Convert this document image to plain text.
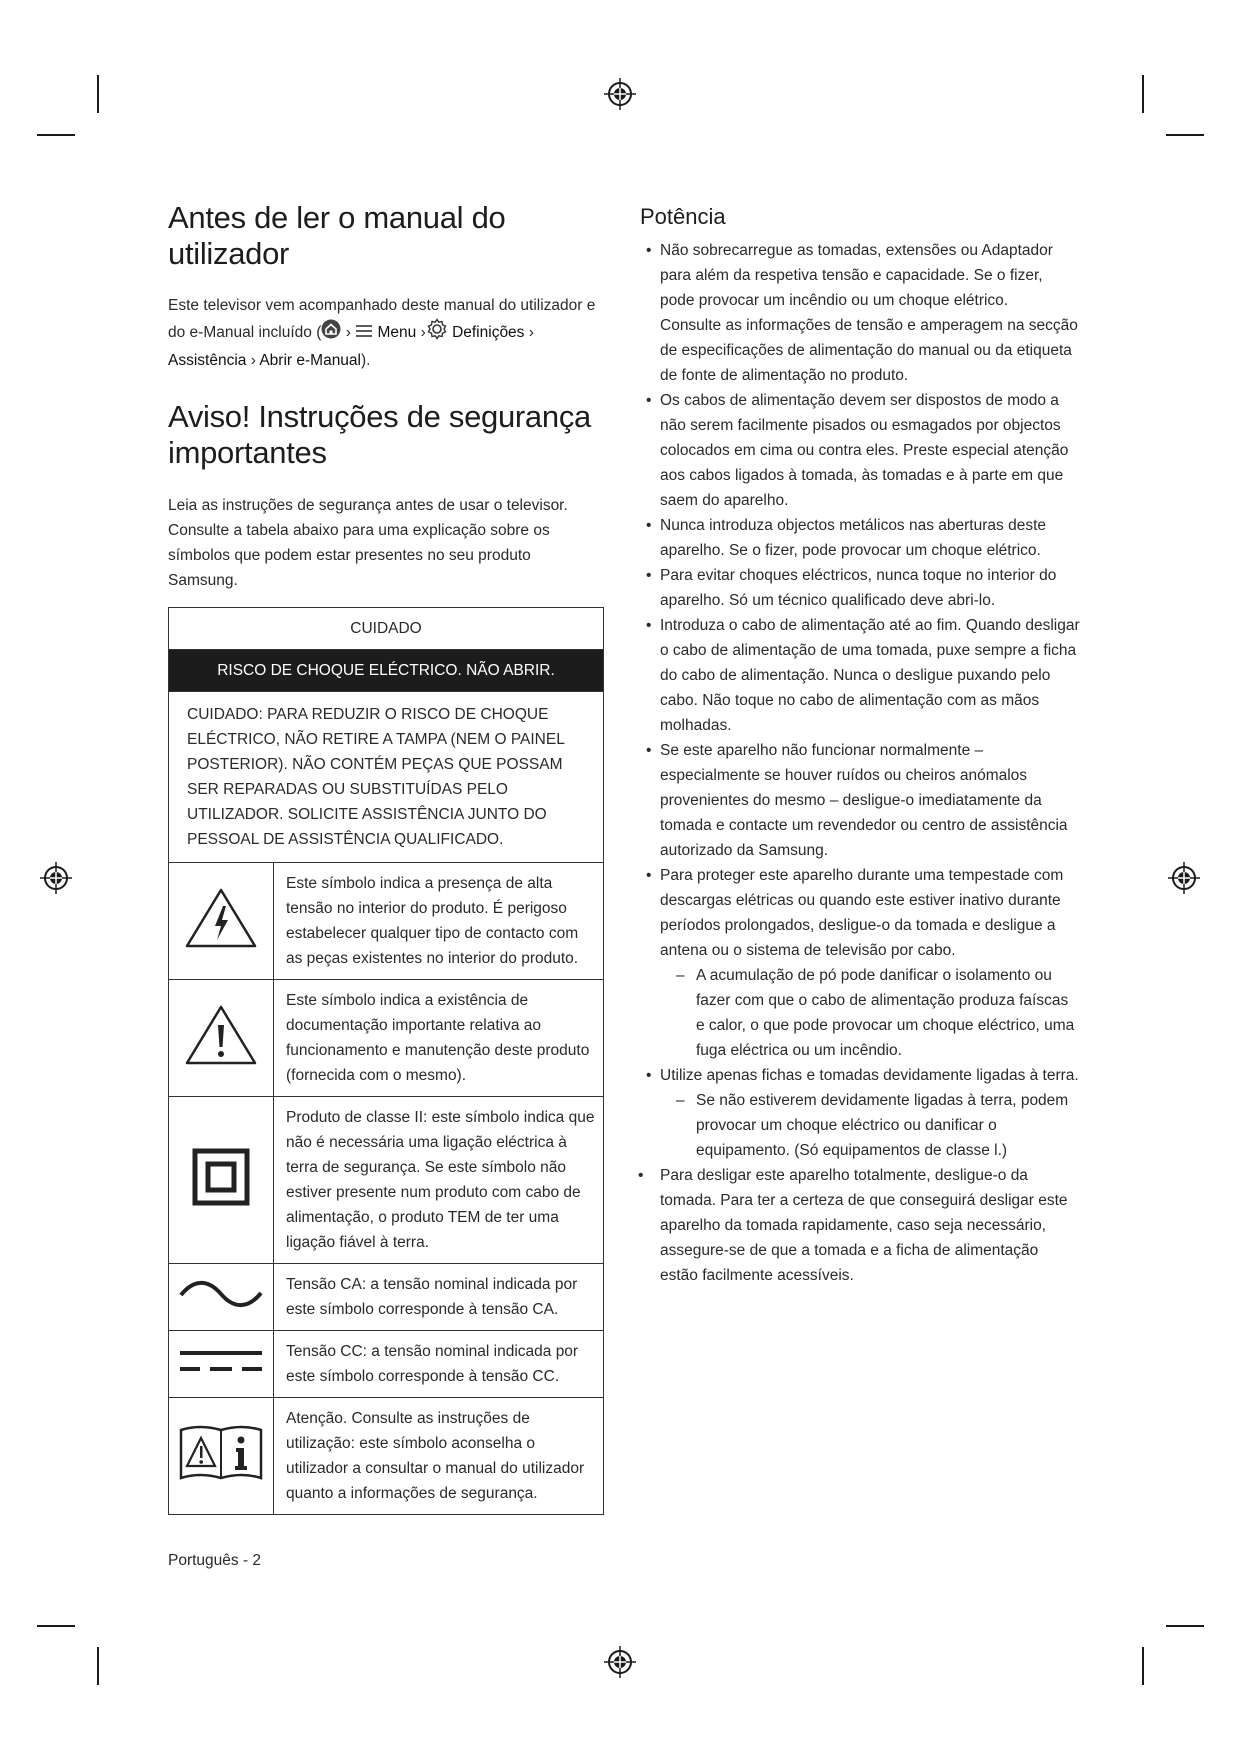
Antes de ler o manual do utilizador

Este televisor vem acompanhado deste manual do utilizador e do e-Manual incluído ( › Menu › Definições › Assistência › Abrir e-Manual).

Aviso! Instruções de segurança importantes

Leia as instruções de segurança antes de usar o televisor. Consulte a tabela abaixo para uma explicação sobre os símbolos que podem estar presentes no seu produto Samsung.

CUIDADO	
RISCO DE CHOQUE ELÉCTRICO. NÃO ABRIR.	
CUIDADO: PARA REDUZIR O RISCO DE CHOQUE ELÉCTRICO, NÃO RETIRE A TAMPA (NEM O PAINEL POSTERIOR). NÃO CONTÉM PEÇAS QUE POSSAM SER REPARADAS OU SUBSTITUÍDAS PELO UTILIZADOR. SOLICITE ASSISTÊNCIA JUNTO DO PESSOAL DE ASSISTÊNCIA QUALIFICADO.	
	Este símbolo indica a presença de alta tensão no interior do produto. É perigoso estabelecer qualquer tipo de contacto com as peças existentes no interior do produto.
	Este símbolo indica a existência de documentação importante relativa ao funcionamento e manutenção deste produto (fornecida com o mesmo).
	Produto de classe II: este símbolo indica que não é necessária uma ligação eléctrica à terra de segurança. Se este símbolo não estiver presente num produto com cabo de alimentação, o produto TEM de ter uma ligação fiável à terra.
	Tensão CA: a tensão nominal indicada por este símbolo corresponde à tensão CA.
	Tensão CC: a tensão nominal indicada por este símbolo corresponde à tensão CC.
	Atenção. Consulte as instruções de utilização: este símbolo aconselha o utilizador a consultar o manual do utilizador quanto a informações de segurança.
Potência
• Não sobrecarregue as tomadas, extensões ou Adaptador para além da respetiva tensão e capacidade. Se o fizer, pode provocar um incêndio ou um choque elétrico.
Consulte as informações de tensão e amperagem na secção de especificações de alimentação do manual ou da etiqueta de fonte de alimentação no produto.
• Os cabos de alimentação devem ser dispostos de modo a não serem facilmente pisados ou esmagados por objectos colocados em cima ou contra eles. Preste especial atenção aos cabos ligados à tomada, às tomadas e à parte em que saem do aparelho.
• Nunca introduza objectos metálicos nas aberturas deste aparelho. Se o fizer, pode provocar um choque elétrico.
• Para evitar choques eléctricos, nunca toque no interior do aparelho. Só um técnico qualificado deve abri-lo.
• Introduza o cabo de alimentação até ao fim. Quando desligar o cabo de alimentação de uma tomada, puxe sempre a ficha do cabo de alimentação. Nunca o desligue puxando pelo cabo. Não toque no cabo de alimentação com as mãos molhadas.
• Se este aparelho não funcionar normalmente – especialmente se houver ruídos ou cheiros anómalos provenientes do mesmo – desligue-o imediatamente da tomada e contacte um revendedor ou centro de assistência autorizado da Samsung.
• Para proteger este aparelho durante uma tempestade com descargas elétricas ou quando este estiver inativo durante períodos prolongados, desligue-o da tomada e desligue a antena ou o sistema de televisão por cabo.
– A acumulação de pó pode danificar o isolamento ou fazer com que o cabo de alimentação produza faíscas e calor, o que pode provocar um choque eléctrico, uma fuga eléctrica ou um incêndio.
• Utilize apenas fichas e tomadas devidamente ligadas à terra.
– Se não estiverem devidamente ligadas à terra, podem provocar um choque eléctrico ou danificar o equipamento. (Só equipamentos de classe l.)
• Para desligar este aparelho totalmente, desligue-o da tomada. Para ter a certeza de que conseguirá desligar este aparelho da tomada rapidamente, caso seja necessário, assegure-se de que a tomada e a ficha de alimentação estão facilmente acessíveis.
Português - 2
